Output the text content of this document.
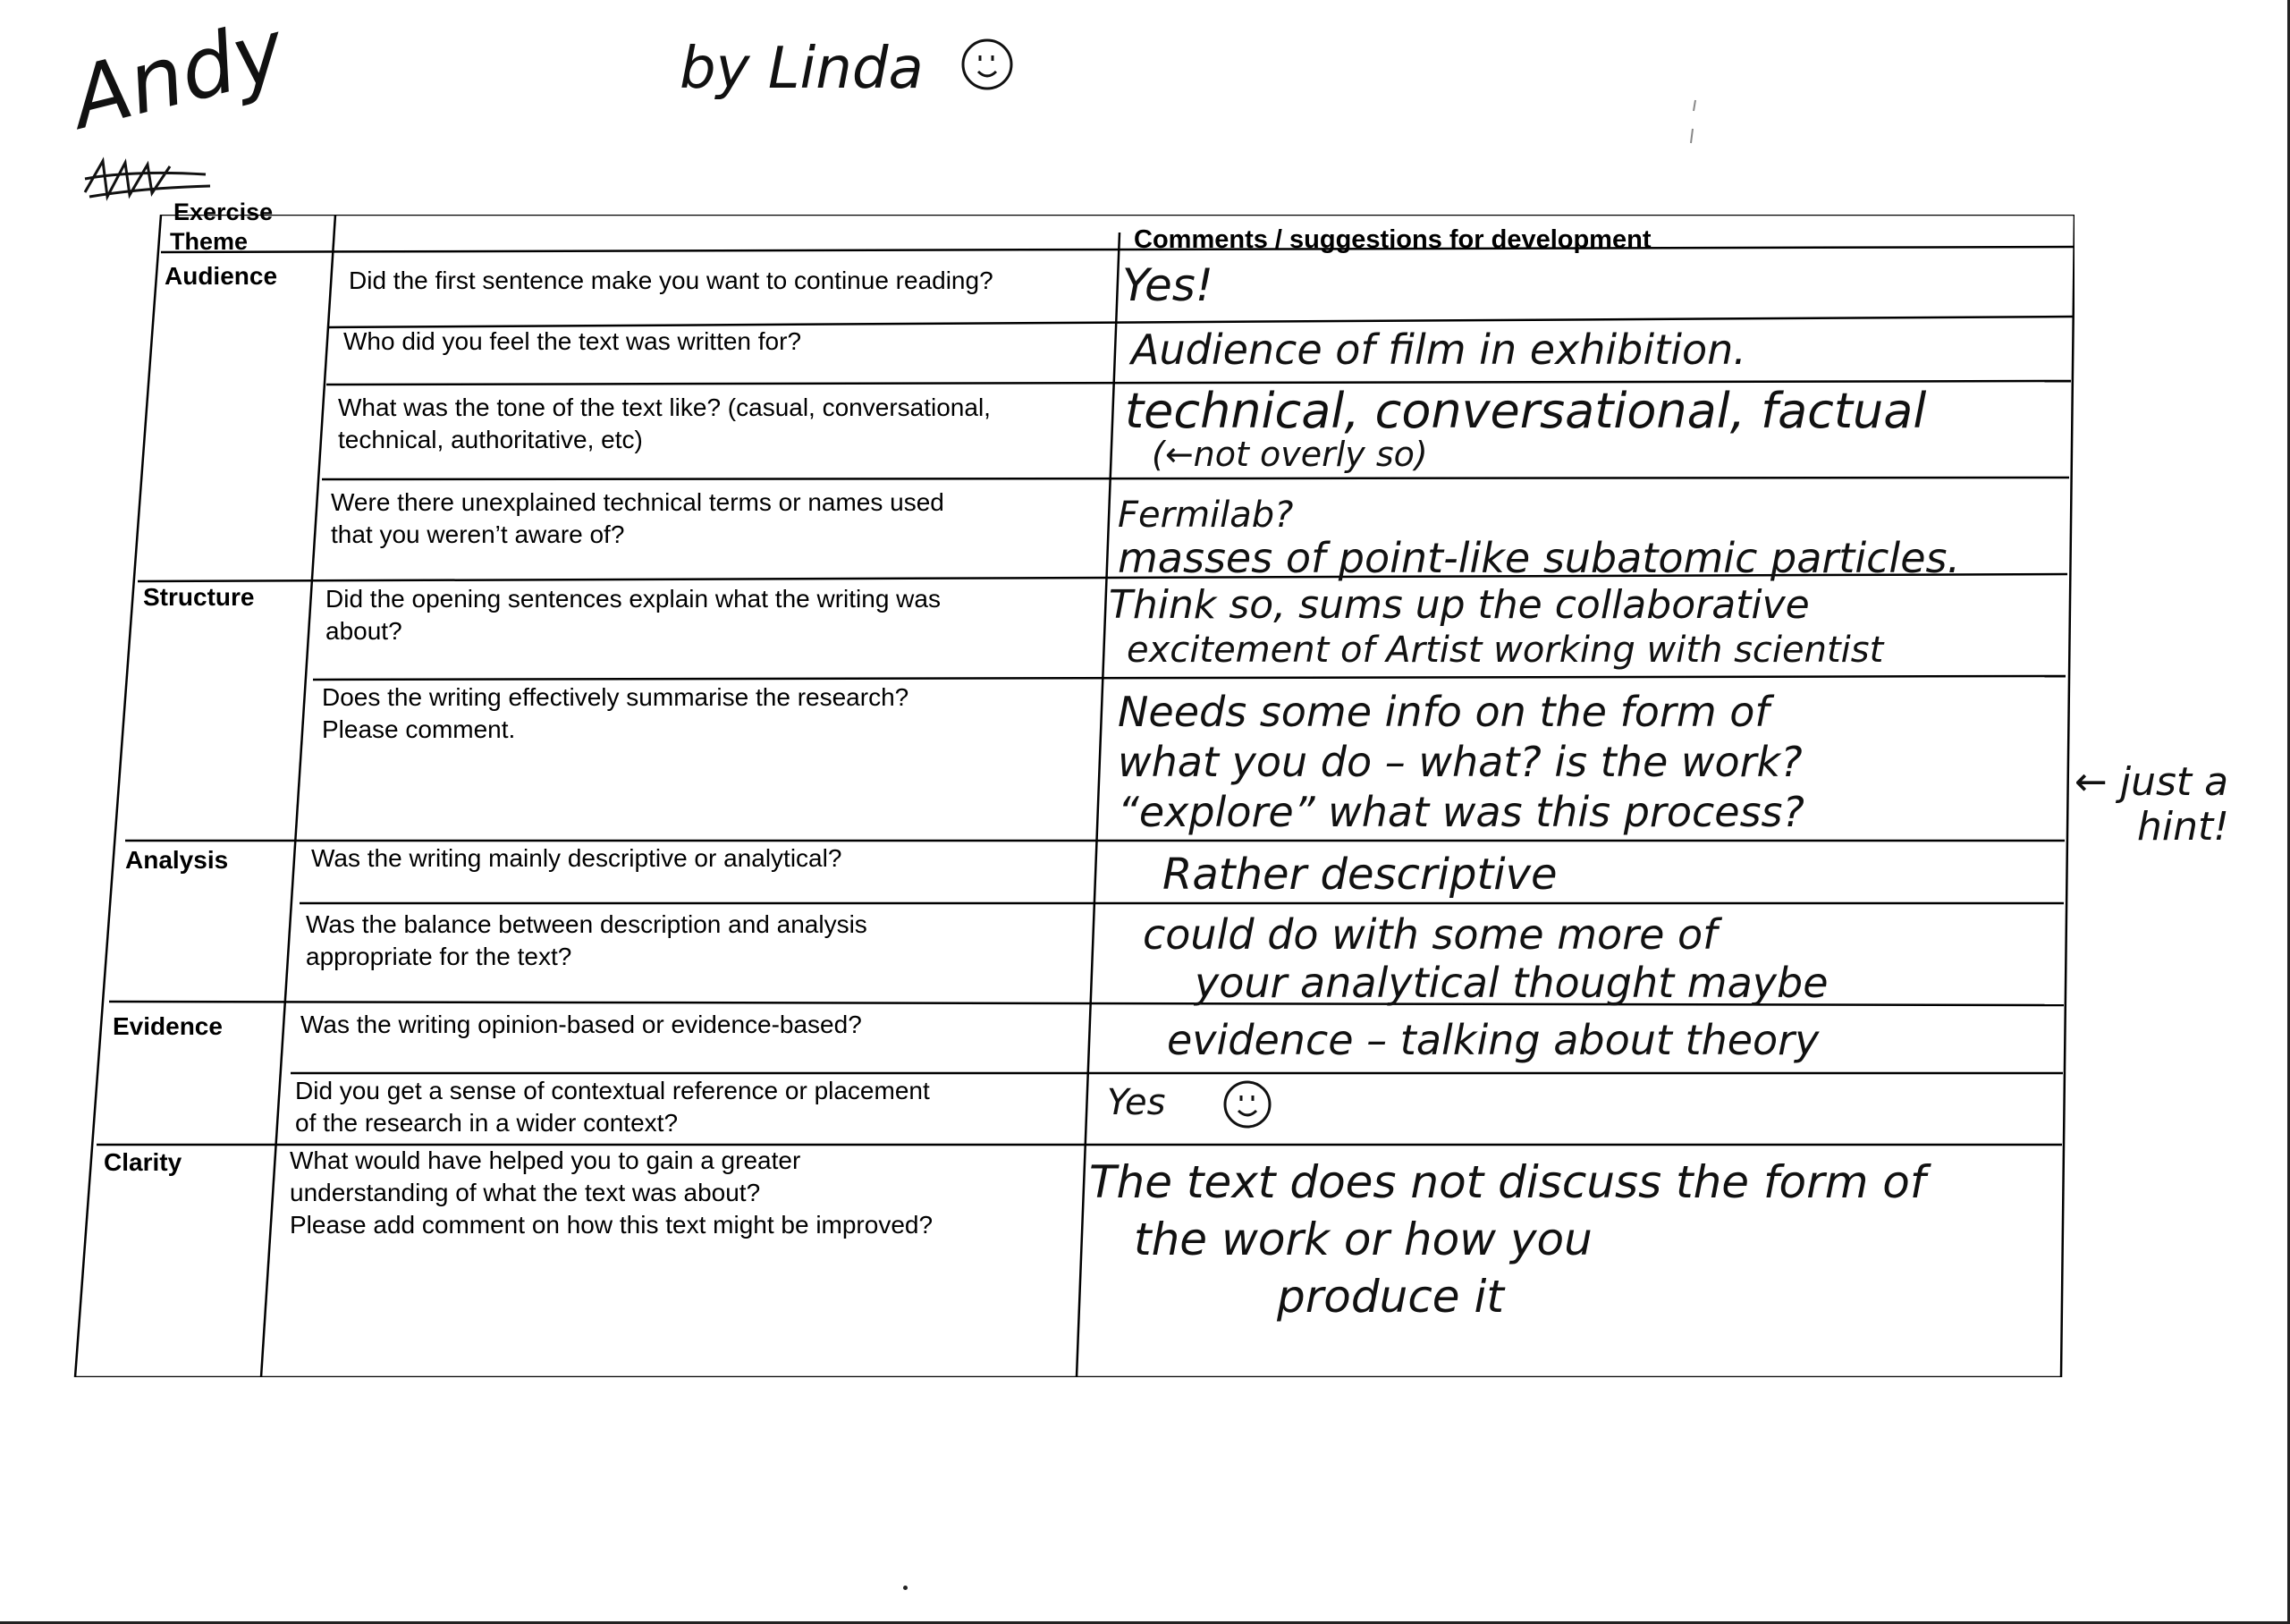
Andy	by Linda
Exercise
Theme	Comments / suggestions for development
Audience
Structure
Analysis
Evidence
Clarity
Did the first sentence make you want to continue reading?
Who did you feel the text was written for?
What was the tone of the text like? (casual, conversational,
technical, authoritative, etc)
Were there unexplained technical terms or names used
that you weren’t aware of?
Did the opening sentences explain what the writing was
about?
Does the writing effectively summarise the research?
Please comment.
Was the writing mainly descriptive or analytical?
Was the balance between description and analysis
appropriate for the text?
Was the writing opinion-based or evidence-based?
Did you get a sense of contextual reference or placement
of the research in a wider context?
What would have helped you to gain a greater
understanding of what the text was about?
Please add comment on how this text might be improved?
Yes!
Audience of film in exhibition.
technical, conversational, factual
(←not overly so)
Fermilab?
masses of point-like subatomic particles.
Think so, sums up the collaborative
excitement of Artist working with scientist
Needs some info on the form of
what you do – what? is the work?
“explore” what was this process?
Rather descriptive
could do with some more of
your analytical thought maybe
evidence – talking about theory
Yes
The text does not discuss the form of
the work or how you
produce it
← just a
hint!
